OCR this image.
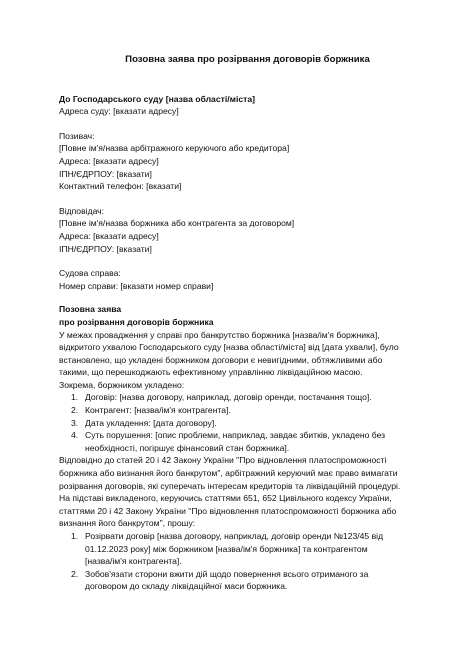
Позовна заява про розірвання договорів боржника
До Господарського суду [назва області/міста]
Адреса суду: [вказати адресу]
Позивач:
[Повне ім'я/назва арбітражного керуючого або кредитора]
Адреса: [вказати адресу]
ІПН/ЄДРПОУ: [вказати]
Контактний телефон: [вказати]
Відповідач:
[Повне ім'я/назва боржника або контрагента за договором]
Адреса: [вказати адресу]
ІПН/ЄДРПОУ: [вказати]
Судова справа:
Номер справи: [вказати номер справи]
Позовна заява
про розірвання договорів боржника
У межах провадження у справі про банкрутство боржника [назва/ім'я боржника],
відкритого ухвалою Господарського суду [назва області/міста] від [дата ухвали], було
встановлено, що укладені боржником договори є невигідними, обтяжливими або
такими, що перешкоджають ефективному управлінню ліквідаційною масою.
Зокрема, боржником укладено:
1. Договір: [назва договору, наприклад, договір оренди, постачання тощо].
2. Контрагент: [назва/ім'я контрагента].
3. Дата укладення: [дата договору].
4. Суть порушення: [опис проблеми, наприклад, завдає збитків, укладено без
необхідності, погіршує фінансовий стан боржника].
Відповідно до статей 20 і 42 Закону України "Про відновлення платоспроможності
боржника або визнання його банкрутом", арбітражний керуючий має право вимагати
розірвання договорів, які суперечать інтересам кредиторів та ліквідаційній процедурі.
На підставі викладеного, керуючись статтями 651, 652 Цивільного кодексу України,
статтями 20 і 42 Закону України "Про відновлення платоспроможності боржника або
визнання його банкрутом", прошу:
1. Розірвати договір [назва договору, наприклад, договір оренди №123/45 від
01.12.2023 року] між боржником [назва/ім'я боржника] та контрагентом
[назва/ім'я контрагента].
2. Зобов'язати сторони вжити дій щодо повернення всього отриманого за
договором до складу ліквідаційної маси боржника.
